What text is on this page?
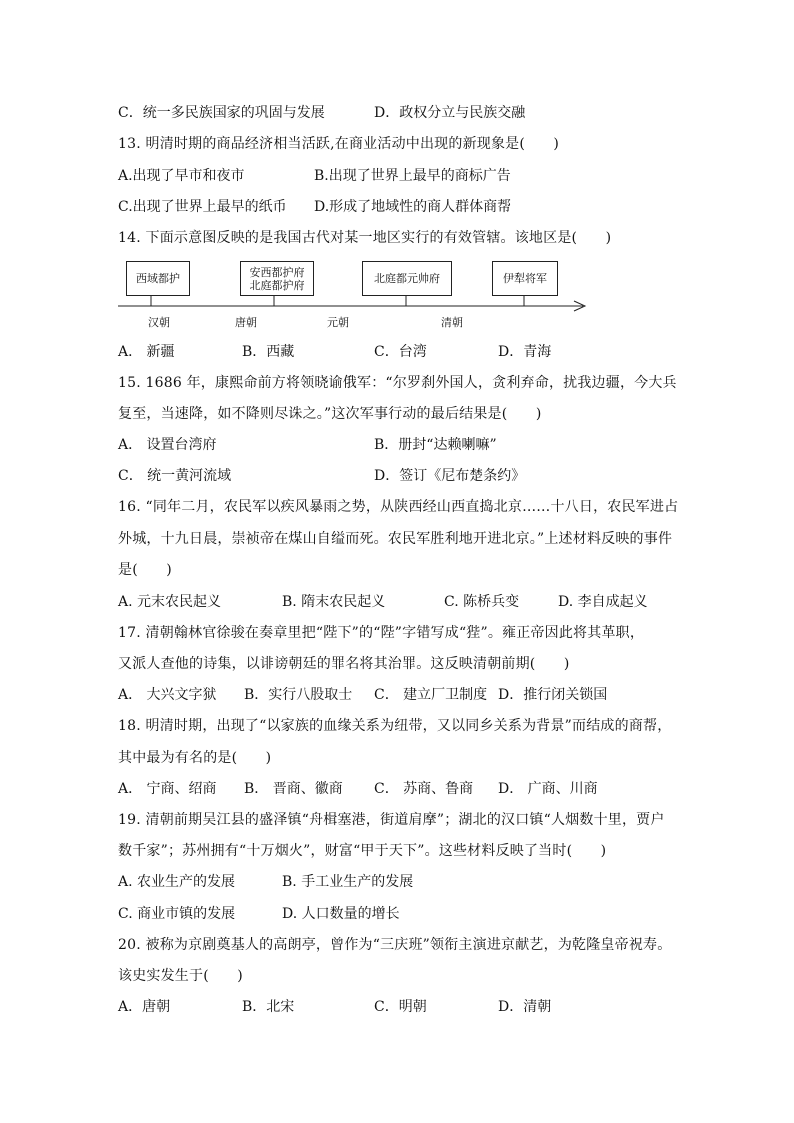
C．统一多民族国家的巩固与发展	D．政权分立与民族交融
13. 明清时期的商品经济相当活跃,在商业活动中出现的新现象是(　　)
A.出现了早市和夜市	B.出现了世界上最早的商标广告
C.出现了世界上最早的纸币 D.形成了地域性的商人群体商帮
14. 下面示意图反映的是我国古代对某一地区实行的有效管辖。该地区是(　　)
西域都护	安西都护府
北庭都护府	北庭都元帅府	伊犁将军
汉朝	唐朝	元朝	清朝
A． 新疆	B．西藏	C．台湾	D．青海
15. 1686 年，康熙命前方将领晓谕俄军：“尔罗刹外国人，贪利弃命，扰我边疆，今大兵
复至，当速降，如不降则尽诛之。”这次军事行动的最后结果是(　　)
A． 设置台湾府	B．册封“达赖喇嘛”
C． 统一黄河流域	D．签订《尼布楚条约》
16. “同年二月，农民军以疾风暴雨之势，从陕西经山西直捣北京……十八日，农民军进占
外城，十九日晨，崇祯帝在煤山自缢而死。农民军胜利地开进北京。”上述材料反映的事件
是(　　)
A. 元末农民起义	B. 隋末农民起义	C. 陈桥兵变	D. 李自成起义
17. 清朝翰林官徐骏在奏章里把“陛下”的“陛”字错写成“狴”。雍正帝因此将其革职，
又派人查他的诗集，以诽谤朝廷的罪名将其治罪。这反映清朝前期(　　)
A． 大兴文字狱 B．实行八股取士 C． 建立厂卫制度 D．推行闭关锁国
18. 明清时期，出现了“以家族的血缘关系为纽带，又以同乡关系为背景”而结成的商帮，
其中最为有名的是(　　)
A． 宁商、绍商 B． 晋商、徽商 C． 苏商、鲁商 D． 广商、川商
19. 清朝前期吴江县的盛泽镇“舟楫塞港，街道肩摩”；湖北的汉口镇“人烟数十里，贾户
数千家”；苏州拥有“十万烟火”，财富“甲于天下”。这些材料反映了当时(　　)
A. 农业生产的发展	B. 手工业生产的发展
C. 商业市镇的发展	D. 人口数量的增长
20. 被称为京剧奠基人的高朗亭，曾作为“三庆班”领衔主演进京献艺，为乾隆皇帝祝寿。
该史实发生于(　　)
A．唐朝	B．北宋	C．明朝	D．清朝
